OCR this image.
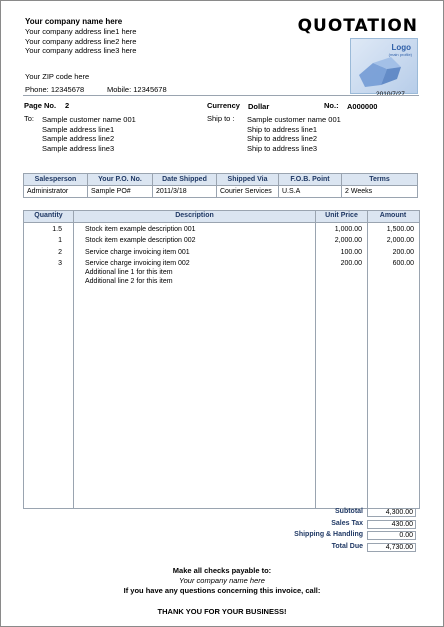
Your company name here
Your company address line1 here
Your company address line2 here
Your company address line3 here
Your ZIP code here
Phone: 12345678	Mobile: 12345678
QUOTATION
Logo
(main profile)
2010/7/27
Page No. 2	Currency Dollar	No.: A000000
To: Sample customer name 001
Sample address line1
Sample address line2
Sample address line3
Ship to : Sample customer name 001
Ship to address line1
Ship to address line2
Ship to address line3
Salesperson	Your P.O. No.	Date Shipped	Shipped Via	F.O.B. Point	Terms
Administrator	Sample PO#	2011/3/18	Courier Services	U.S.A	2 Weeks
Quantity	Description	Unit Price	Amount
1.5	Stock item example description 001	1,000.00	1,500.00
1	Stock item example description 002	2,000.00	2,000.00
2	Service charge invoicing item 001	100.00	200.00
3	Service charge invoicing item 002	200.00	600.00
Additional line 1 for this item
Additional line 2 for this item
Subtotal	4,300.00
Sales Tax	430.00
Shipping & Handling	0.00
Total Due	4,730.00
Make all checks payable to:
Your company name here
If you have any questions concerning this invoice, call:
THANK YOU FOR YOUR BUSINESS!
